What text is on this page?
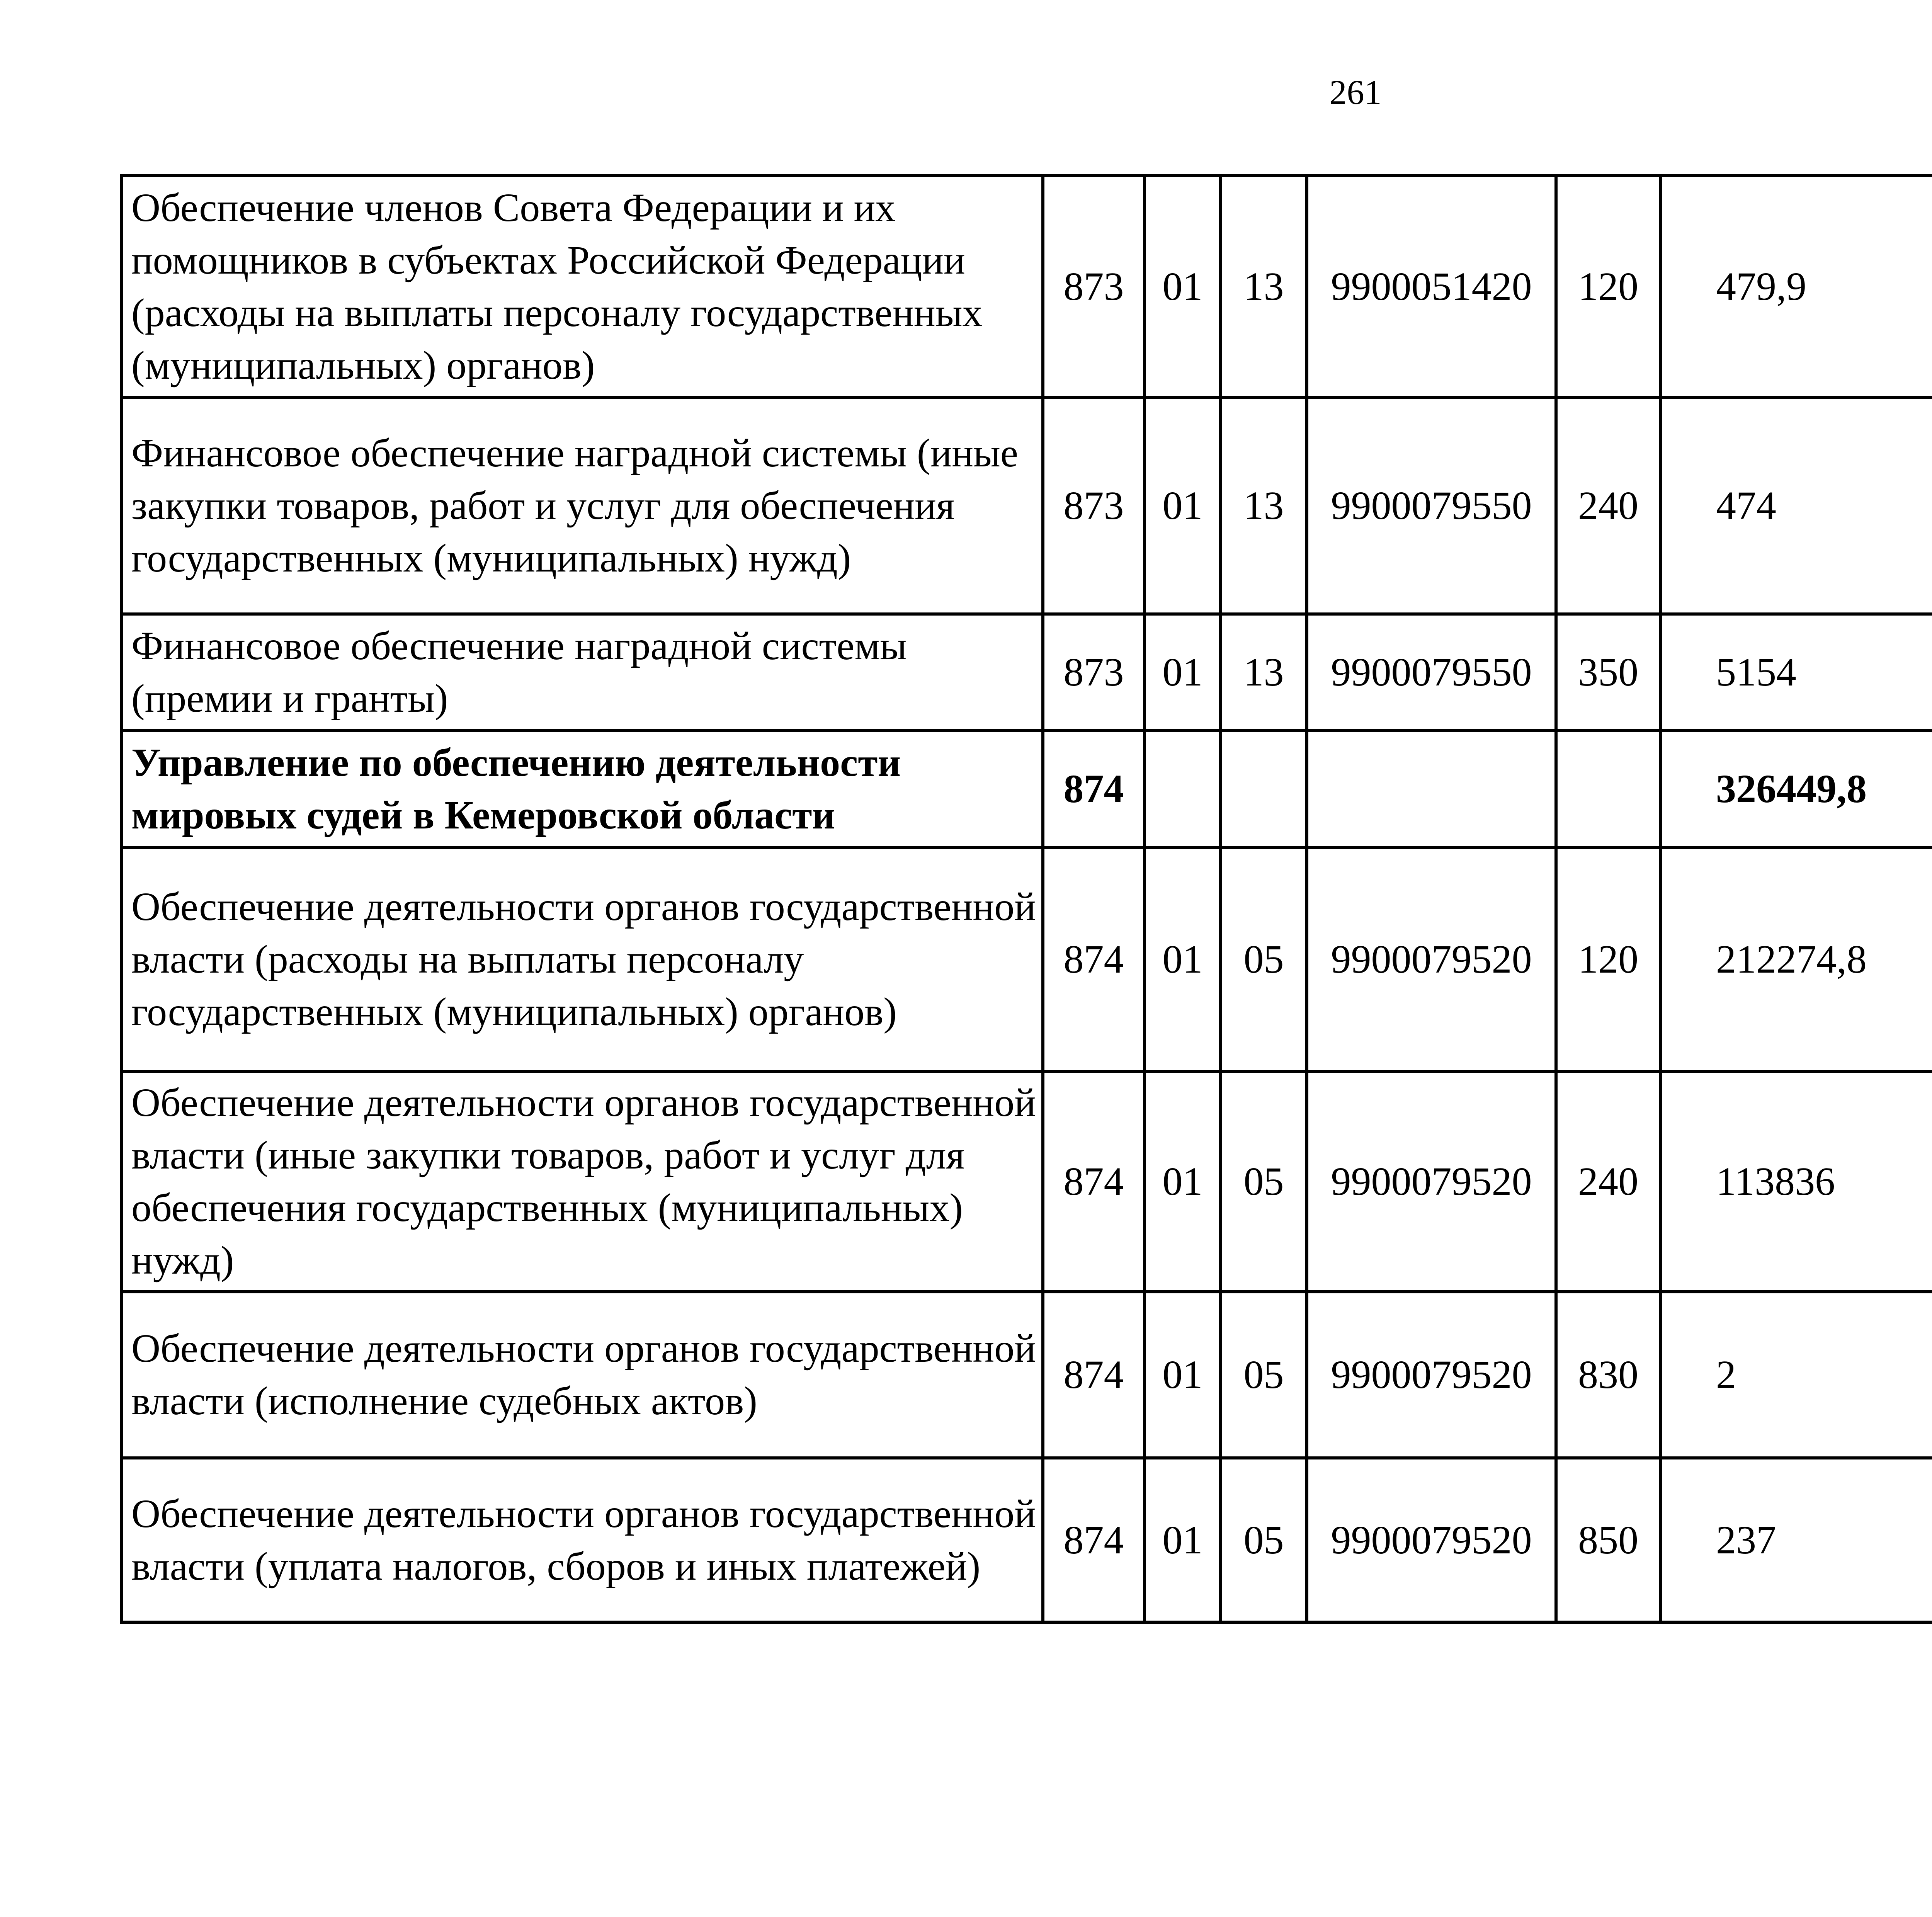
261
Обеспечение членов Совета Федерации и их помощников в субъектах Российской Федерации (расходы на выплаты персоналу государственных (муниципальных) органов)	873	01	13	9900051420	120	479,9		
Финансовое обеспечение наградной системы (иные закупки товаров, работ и услуг для обеспечения государственных (муниципальных) нужд)	873	01	13	9900079550	240	474		
Финансовое обеспечение наградной системы (премии и гранты)	873	01	13	9900079550	350	5154		
Управление по обеспечению деятельности мировых судей в Кемеровской области	874					326449,8		
Обеспечение деятельности органов государственной власти (расходы на выплаты персоналу государственных (муниципальных) органов)	874	01	05	9900079520	120	212274,8		
Обеспечение деятельности органов государственной власти (иные закупки товаров, работ и услуг для обеспечения государственных (муниципальных) нужд)	874	01	05	9900079520	240	113836		
Обеспечение деятельности органов государственной власти (исполнение судебных актов)	874	01	05	9900079520	830	2		
Обеспечение деятельности органов государственной власти (уплата налогов, сборов и иных платежей)	874	01	05	9900079520	850	237		
